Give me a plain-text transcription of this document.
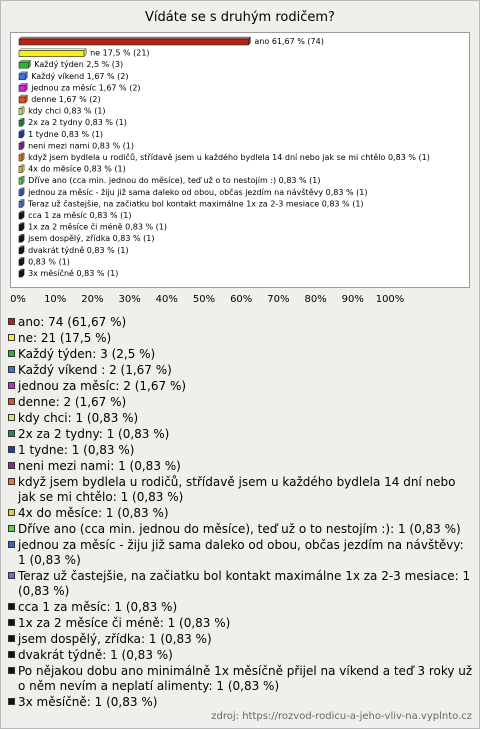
Vídáte se s druhým rodičem?
ano 61,67 % (74)
ne 17,5 % (21)
Každý týden 2,5 % (3)
Každý víkend 1,67 % (2)
jednou za měsíc 1,67 % (2)
denne 1,67 % (2)
kdy chci 0,83 % (1)
2x za 2 tydny 0,83 % (1)
1 tydne 0,83 % (1)
neni mezi nami 0,83 % (1)
když jsem bydlela u rodičů, střídavě jsem u každého bydlela 14 dní nebo jak se mi chtělo 0,83 % (1)
4x do měsíce 0,83 % (1)
Dříve ano (cca min. jednou do měsíce), teď už o to nestojím :) 0,83 % (1)
jednou za měsíc - žiju již sama daleko od obou, občas jezdím na návštěvy 0,83 % (1)
Teraz už častejšie, na začiatku bol kontakt maximálne 1x za 2-3 mesiace 0,83 % (1)
cca 1 za měsíc 0,83 % (1)
1x za 2 měsíce či méně 0,83 % (1)
jsem dospělý, zřídka 0,83 % (1)
dvakrát týdně 0,83 % (1)
0,83 % (1)
3x měsíčně 0,83 % (1)
0% 10% 20% 30% 40% 50% 60% 70% 80% 90% 100%
ano: 74 (61,67 %)
ne: 21 (17,5 %)
Každý týden: 3 (2,5 %)
Každý víkend : 2 (1,67 %)
jednou za měsíc: 2 (1,67 %)
denne: 2 (1,67 %)
kdy chci: 1 (0,83 %)
2x za 2 tydny: 1 (0,83 %)
1 tydne: 1 (0,83 %)
neni mezi nami: 1 (0,83 %)
když jsem bydlela u rodičů, střídavě jsem u každého bydlela 14 dní nebo jak se mi chtělo: 1 (0,83 %)
4x do měsíce: 1 (0,83 %)
Dříve ano (cca min. jednou do měsíce), teď už o to nestojím :): 1 (0,83 %)
jednou za měsíc - žiju již sama daleko od obou, občas jezdím na návštěvy: 1 (0,83 %)
Teraz už častejšie, na začiatku bol kontakt maximálne 1x za 2-3 mesiace: 1 (0,83 %)
cca 1 za měsíc: 1 (0,83 %)
1x za 2 měsíce či méně: 1 (0,83 %)
jsem dospělý, zřídka: 1 (0,83 %)
dvakrát týdně: 1 (0,83 %)
Po nějakou dobu ano minimálně 1x měsíčně přijel na víkend a teď 3 roky už o něm nevím a neplatí alimenty: 1 (0,83 %)
3x měsíčně: 1 (0,83 %)
zdroj: https://rozvod-rodicu-a-jeho-vliv-na.vyplnto.cz
